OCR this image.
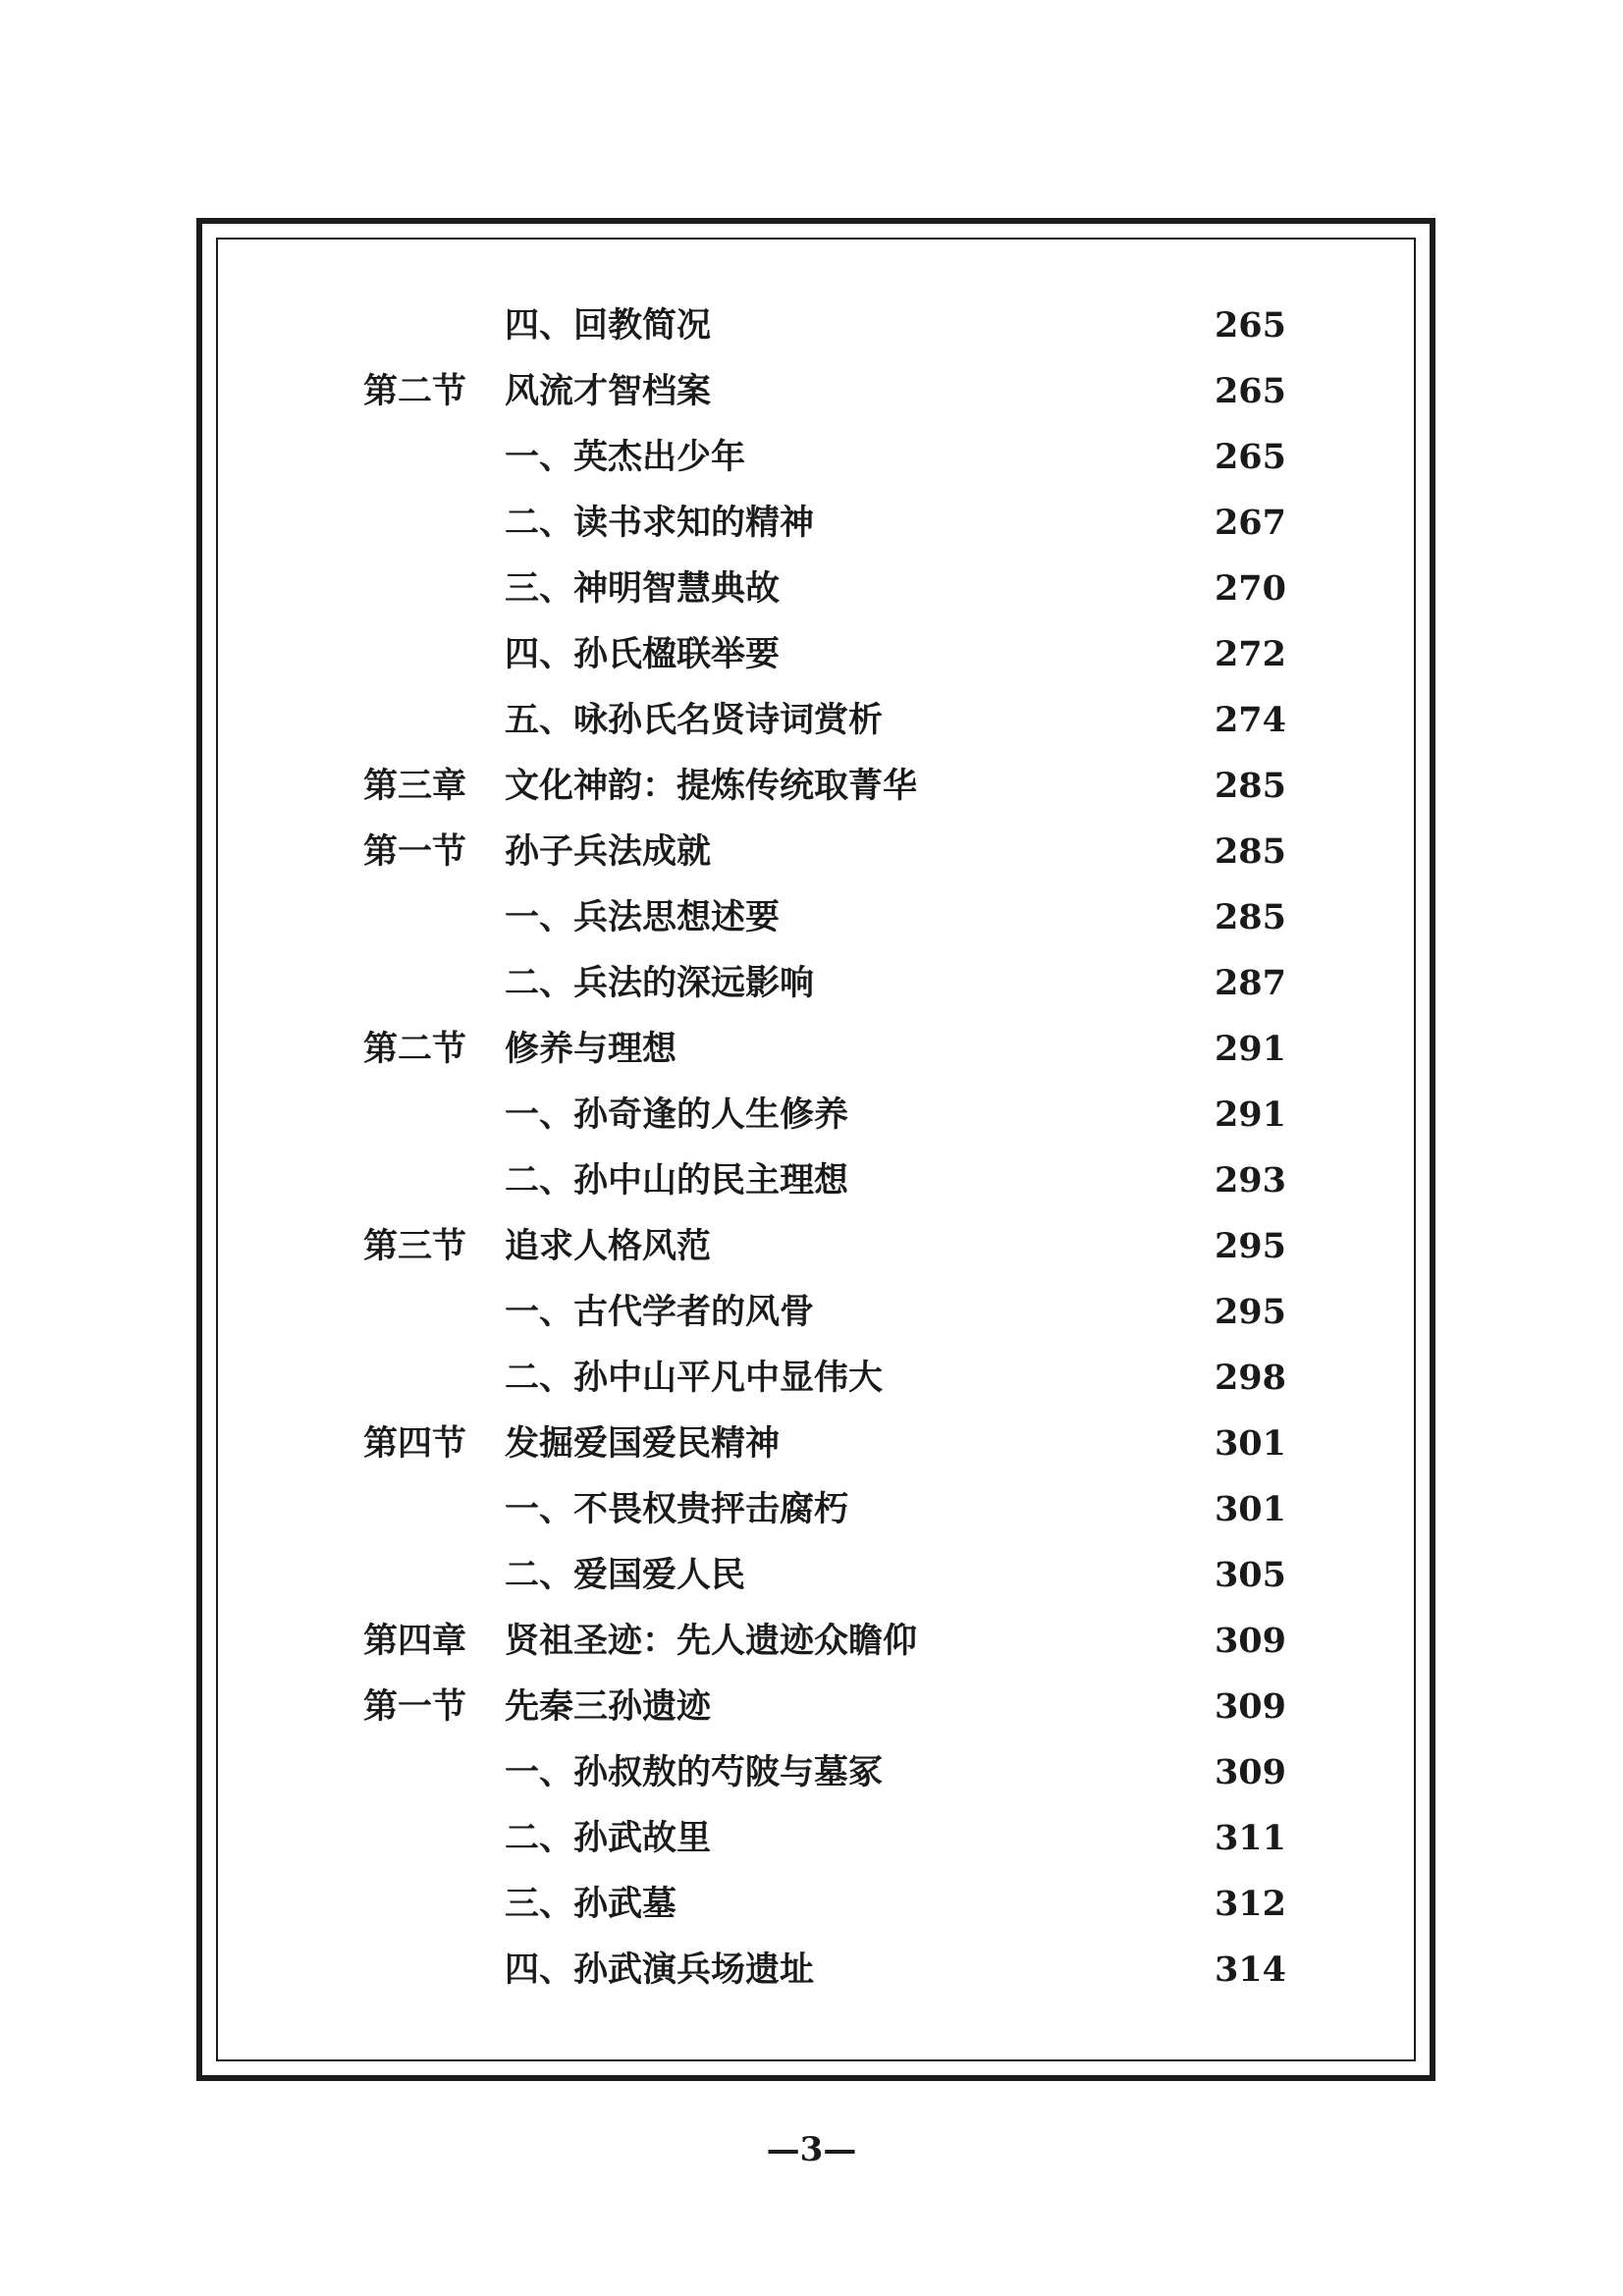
四、回教简况	265
第二节 风流才智档案	265
一、英杰出少年	265
二、读书求知的精神	267
三、神明智慧典故	270
四、孙氏楹联举要	272
五、咏孙氏名贤诗词赏析	274
第三章 文化神韵：提炼传统取菁华	285
第一节 孙子兵法成就	285
一、兵法思想述要	285
二、兵法的深远影响	287
第二节 修养与理想	291
一、孙奇逢的人生修养	291
二、孙中山的民主理想	293
第三节 追求人格风范	295
一、古代学者的风骨	295
二、孙中山平凡中显伟大	298
第四节 发掘爱国爱民精神	301
一、不畏权贵抨击腐朽	301
二、爱国爱人民	305
第四章 贤祖圣迹：先人遗迹众瞻仰	309
第一节 先秦三孙遗迹	309
一、孙叔敖的芍陂与墓冢	309
二、孙武故里	311
三、孙武墓	312
四、孙武演兵场遗址	314
—3—
